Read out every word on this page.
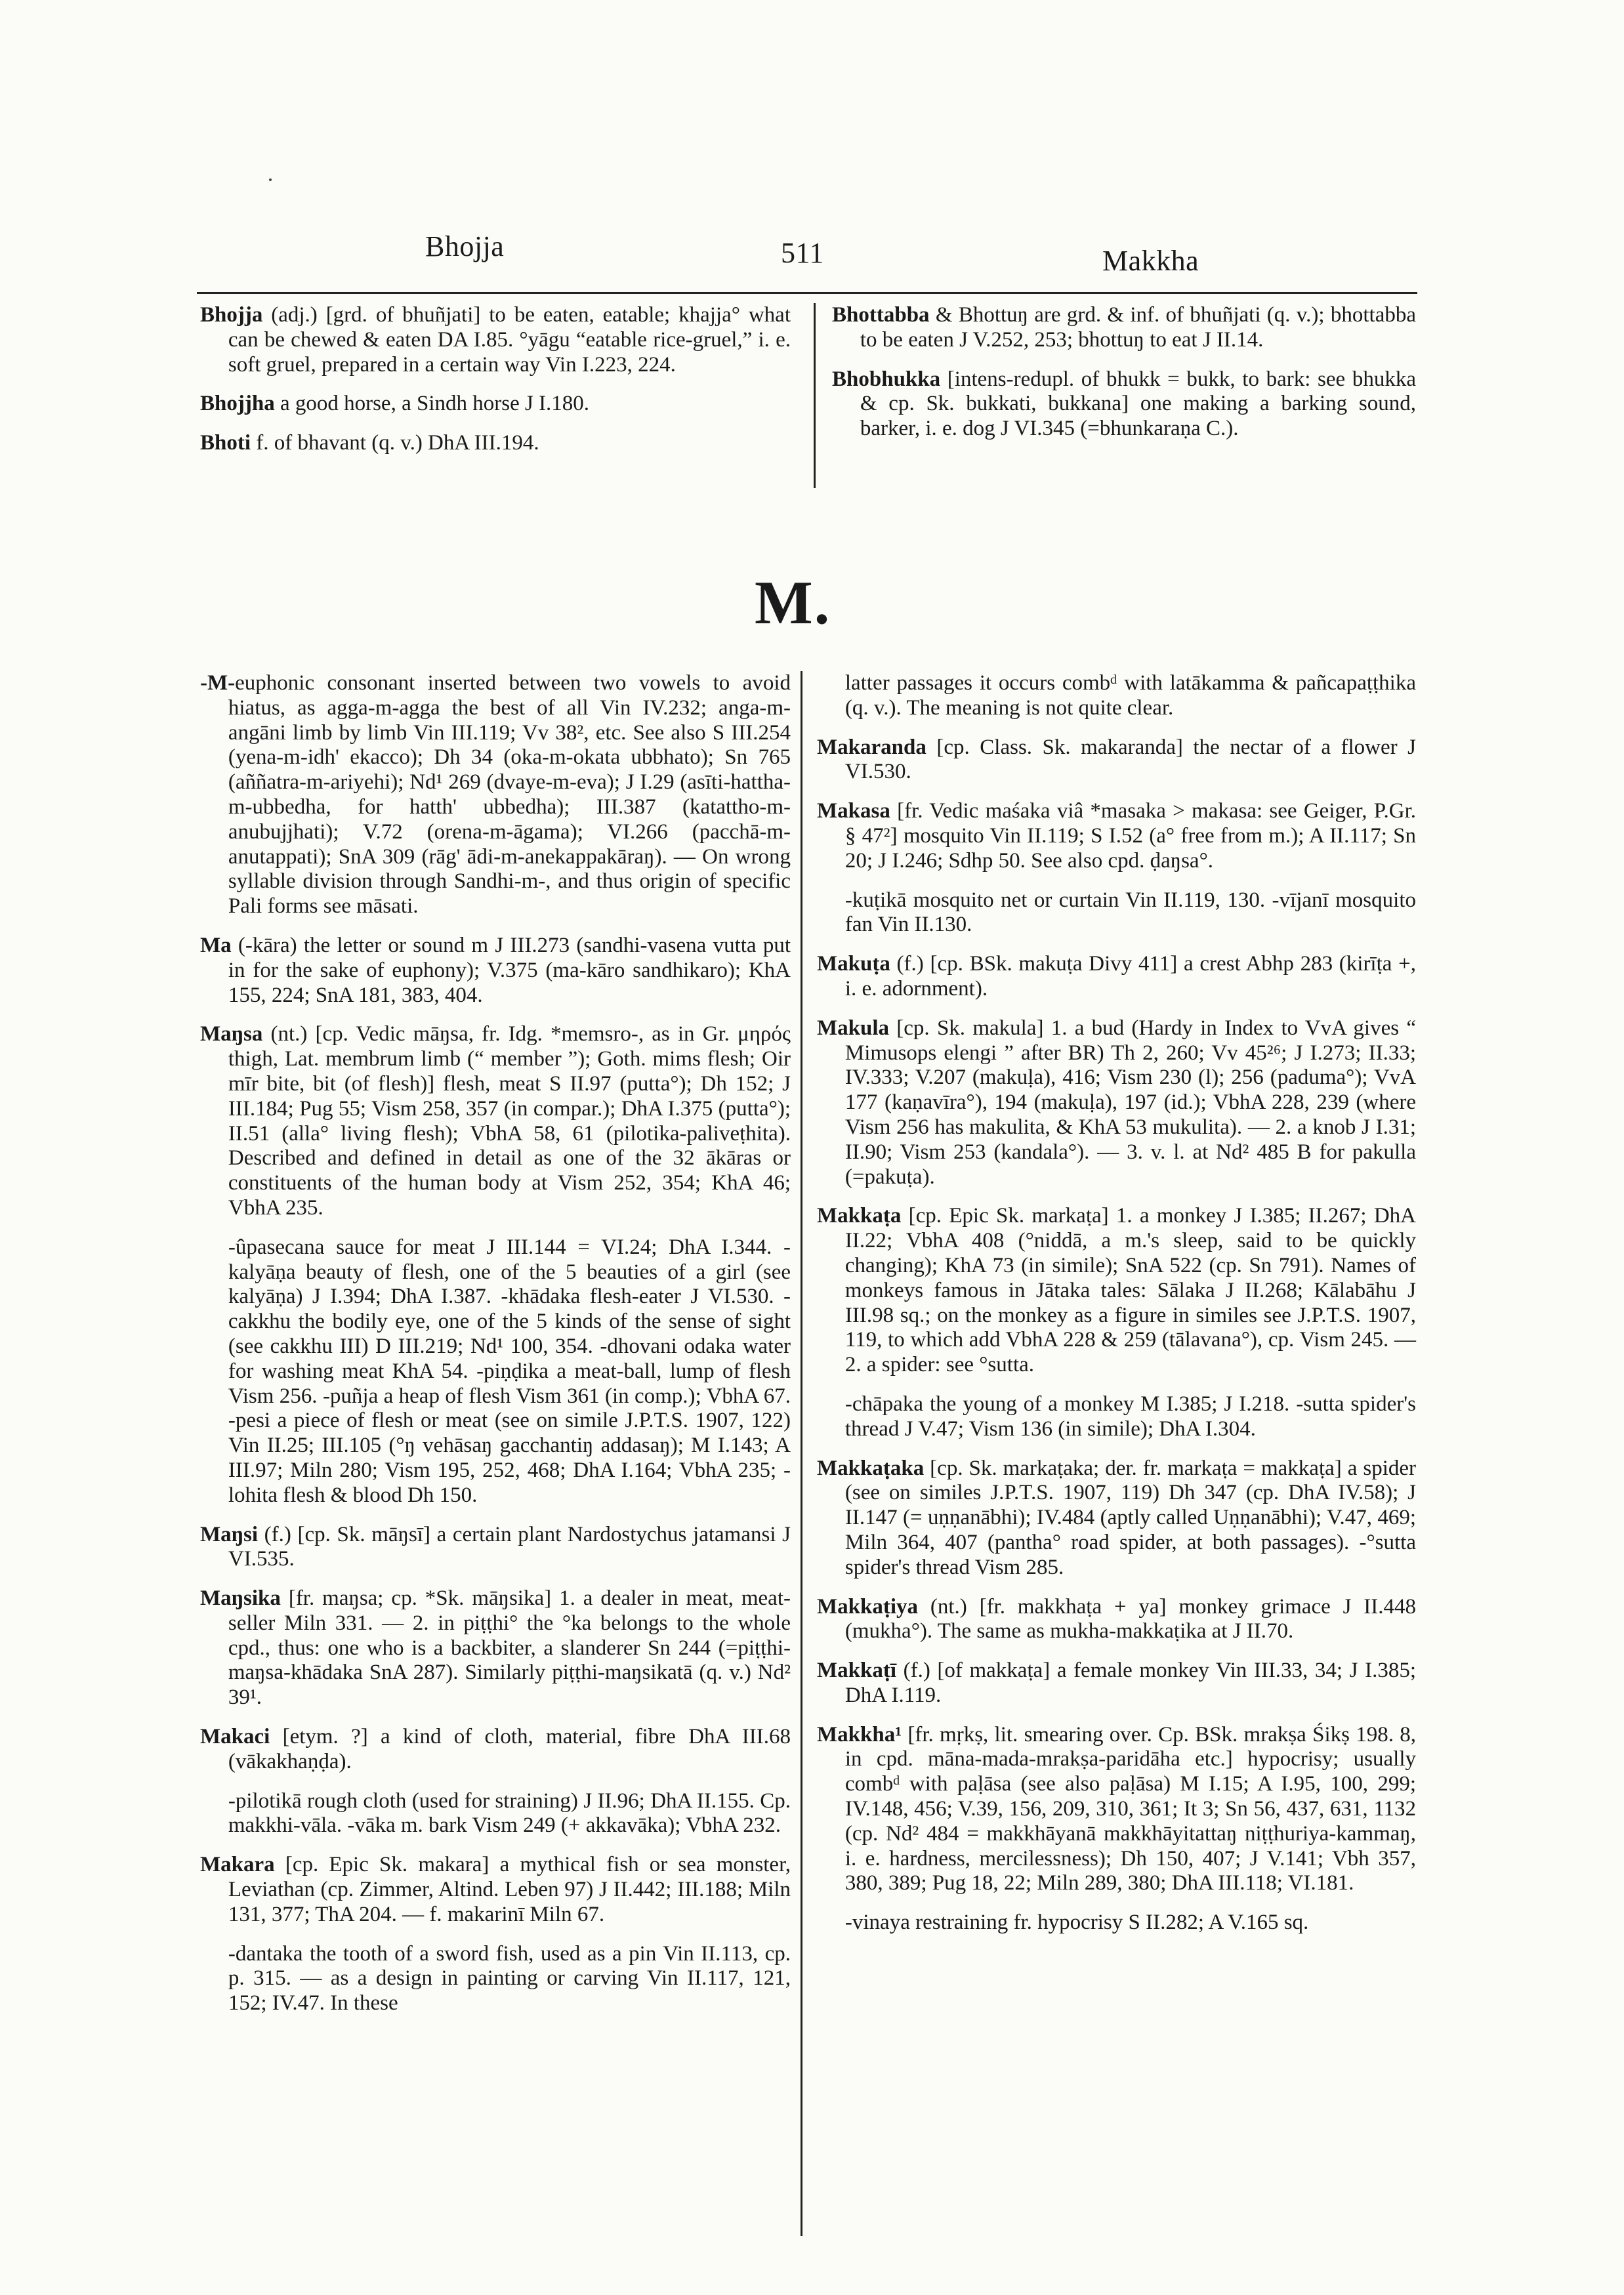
Bhojja	511	Makkha

Bhojja (adj.) [grd. of bhuñjati] to be eaten, eatable; khajja° what can be chewed & eaten DA I.85. °yāgu “eatable rice-gruel,” i. e. soft gruel, prepared in a certain way Vin I.223, 224.

Bhojjha a good horse, a Sindh horse J I.180.

Bhoti f. of bhavant (q. v.) DhA III.194.

Bhottabba & Bhottuŋ are grd. & inf. of bhuñjati (q. v.); bhottabba to be eaten J V.252, 253; bhottuŋ to eat J II.14.

Bhobhukka [intens-redupl. of bhukk = bukk, to bark: see bhukka & cp. Sk. bukkati, bukkana] one making a barking sound, barker, i. e. dog J VI.345 (=bhunkaraṇa C.).

M.

-M-euphonic consonant inserted between two vowels to avoid hiatus, as agga-m-agga the best of all Vin IV.232; anga-m-angāni limb by limb Vin III.119; Vv 38², etc. See also S III.254 (yena-m-idh' ekacco); Dh 34 (oka-m-okata ubbhato); Sn 765 (aññatra-m-ariyehi); Nd¹ 269 (dvaye-m-eva); J I.29 (asīti-hattha-m-ubbedha, for hatth' ubbedha); III.387 (katattho-m-anubujjhati); V.72 (orena-m-āgama); VI.266 (pacchā-m-anutappati); SnA 309 (rāg' ādi-m-anekappakāraŋ). — On wrong syllable division through Sandhi-m-, and thus origin of specific Pali forms see māsati.

Ma (-kāra) the letter or sound m J III.273 (sandhi-vasena vutta put in for the sake of euphony); V.375 (ma-kāro sandhikaro); KhA 155, 224; SnA 181, 383, 404.

Maŋsa (nt.) [cp. Vedic māŋsa, fr. Idg. *memsro-, as in Gr. μηρός thigh, Lat. membrum limb (“ member ”); Goth. mims flesh; Oir mīr bite, bit (of flesh)] flesh, meat S II.97 (putta°); Dh 152; J III.184; Pug 55; Vism 258, 357 (in compar.); DhA I.375 (putta°); II.51 (alla° living flesh); VbhA 58, 61 (pilotika-paliveṭhita). Described and defined in detail as one of the 32 ākāras or constituents of the human body at Vism 252, 354; KhA 46; VbhA 235.

-ûpasecana sauce for meat J III.144 = VI.24; DhA I.344. -kalyāṇa beauty of flesh, one of the 5 beauties of a girl (see kalyāṇa) J I.394; DhA I.387. -khādaka flesh-eater J VI.530. -cakkhu the bodily eye, one of the 5 kinds of the sense of sight (see cakkhu III) D III.219; Nd¹ 100, 354. -dhovani odaka water for washing meat KhA 54. -piṇḍika a meat-ball, lump of flesh Vism 256. -puñja a heap of flesh Vism 361 (in comp.); VbhA 67. -pesi a piece of flesh or meat (see on simile J.P.T.S. 1907, 122) Vin II.25; III.105 (°ŋ vehāsaŋ gacchantiŋ addasaŋ); M I.143; A III.97; Miln 280; Vism 195, 252, 468; DhA I.164; VbhA 235; -lohita flesh & blood Dh 150.

Maŋsi (f.) [cp. Sk. māŋsī] a certain plant Nardostychus jatamansi J VI.535.

Maŋsika [fr. maŋsa; cp. *Sk. māŋsika] 1. a dealer in meat, meat-seller Miln 331. — 2. in piṭṭhi° the °ka belongs to the whole cpd., thus: one who is a backbiter, a slanderer Sn 244 (=piṭṭhi-maŋsa-khādaka SnA 287). Similarly piṭṭhi-maŋsikatā (q. v.) Nd² 39¹.

Makaci [etym. ?] a kind of cloth, material, fibre DhA III.68 (vākakhaṇḍa).

-pilotikā rough cloth (used for straining) J II.96; DhA II.155. Cp. makkhi-vāla. -vāka m. bark Vism 249 (+ akkavāka); VbhA 232.

Makara [cp. Epic Sk. makara] a mythical fish or sea monster, Leviathan (cp. Zimmer, Altind. Leben 97) J II.442; III.188; Miln 131, 377; ThA 204. — f. makarinī Miln 67.

-dantaka the tooth of a sword fish, used as a pin Vin II.113, cp. p. 315. — as a design in painting or carving Vin II.117, 121, 152; IV.47. In these

latter passages it occurs combᵈ with latākamma & pañcapaṭṭhika (q. v.). The meaning is not quite clear.

Makaranda [cp. Class. Sk. makaranda] the nectar of a flower J VI.530.

Makasa [fr. Vedic maśaka viâ *masaka > makasa: see Geiger, P.Gr. § 47²] mosquito Vin II.119; S I.52 (a° free from m.); A II.117; Sn 20; J I.246; Sdhp 50. See also cpd. ḍaŋsa°.

-kuṭikā mosquito net or curtain Vin II.119, 130. -vījanī mosquito fan Vin II.130.

Makuṭa (f.) [cp. BSk. makuṭa Divy 411] a crest Abhp 283 (kirīṭa +, i. e. adornment).

Makula [cp. Sk. makula] 1. a bud (Hardy in Index to VvA gives “ Mimusops elengi ” after BR) Th 2, 260; Vv 45²⁶; J I.273; II.33; IV.333; V.207 (makuḷa), 416; Vism 230 (l); 256 (paduma°); VvA 177 (kaṇavīra°), 194 (makuḷa), 197 (id.); VbhA 228, 239 (where Vism 256 has makulita, & KhA 53 mukulita). — 2. a knob J I.31; II.90; Vism 253 (kandala°). — 3. v. l. at Nd² 485 B for pakulla (=pakuṭa).

Makkaṭa [cp. Epic Sk. markaṭa] 1. a monkey J I.385; II.267; DhA II.22; VbhA 408 (°niddā, a m.'s sleep, said to be quickly changing); KhA 73 (in simile); SnA 522 (cp. Sn 791). Names of monkeys famous in Jātaka tales: Sālaka J II.268; Kālabāhu J III.98 sq.; on the monkey as a figure in similes see J.P.T.S. 1907, 119, to which add VbhA 228 & 259 (tālavana°), cp. Vism 245. — 2. a spider: see °sutta.

-chāpaka the young of a monkey M I.385; J I.218. -sutta spider's thread J V.47; Vism 136 (in simile); DhA I.304.

Makkaṭaka [cp. Sk. markaṭaka; der. fr. markaṭa = makkaṭa] a spider (see on similes J.P.T.S. 1907, 119) Dh 347 (cp. DhA IV.58); J II.147 (= uṇṇanābhi); IV.484 (aptly called Uṇṇanābhi); V.47, 469; Miln 364, 407 (pantha° road spider, at both passages). -°sutta spider's thread Vism 285.

Makkaṭiya (nt.) [fr. makkhaṭa + ya] monkey grimace J II.448 (mukha°). The same as mukha-makkaṭika at J II.70.

Makkaṭī (f.) [of makkaṭa] a female monkey Vin III.33, 34; J I.385; DhA I.119.

Makkha¹ [fr. mṛkṣ, lit. smearing over. Cp. BSk. mrakṣa Śikṣ 198. 8, in cpd. māna-mada-mrakṣa-paridāha etc.] hypocrisy; usually combᵈ with paḷāsa (see also paḷāsa) M I.15; A I.95, 100, 299; IV.148, 456; V.39, 156, 209, 310, 361; It 3; Sn 56, 437, 631, 1132 (cp. Nd² 484 = makkhāyanā makkhāyitattaŋ niṭṭhuriya-kammaŋ, i. e. hardness, mercilessness); Dh 150, 407; J V.141; Vbh 357, 380, 389; Pug 18, 22; Miln 289, 380; DhA III.118; VI.181.

-vinaya restraining fr. hypocrisy S II.282; A V.165 sq.
